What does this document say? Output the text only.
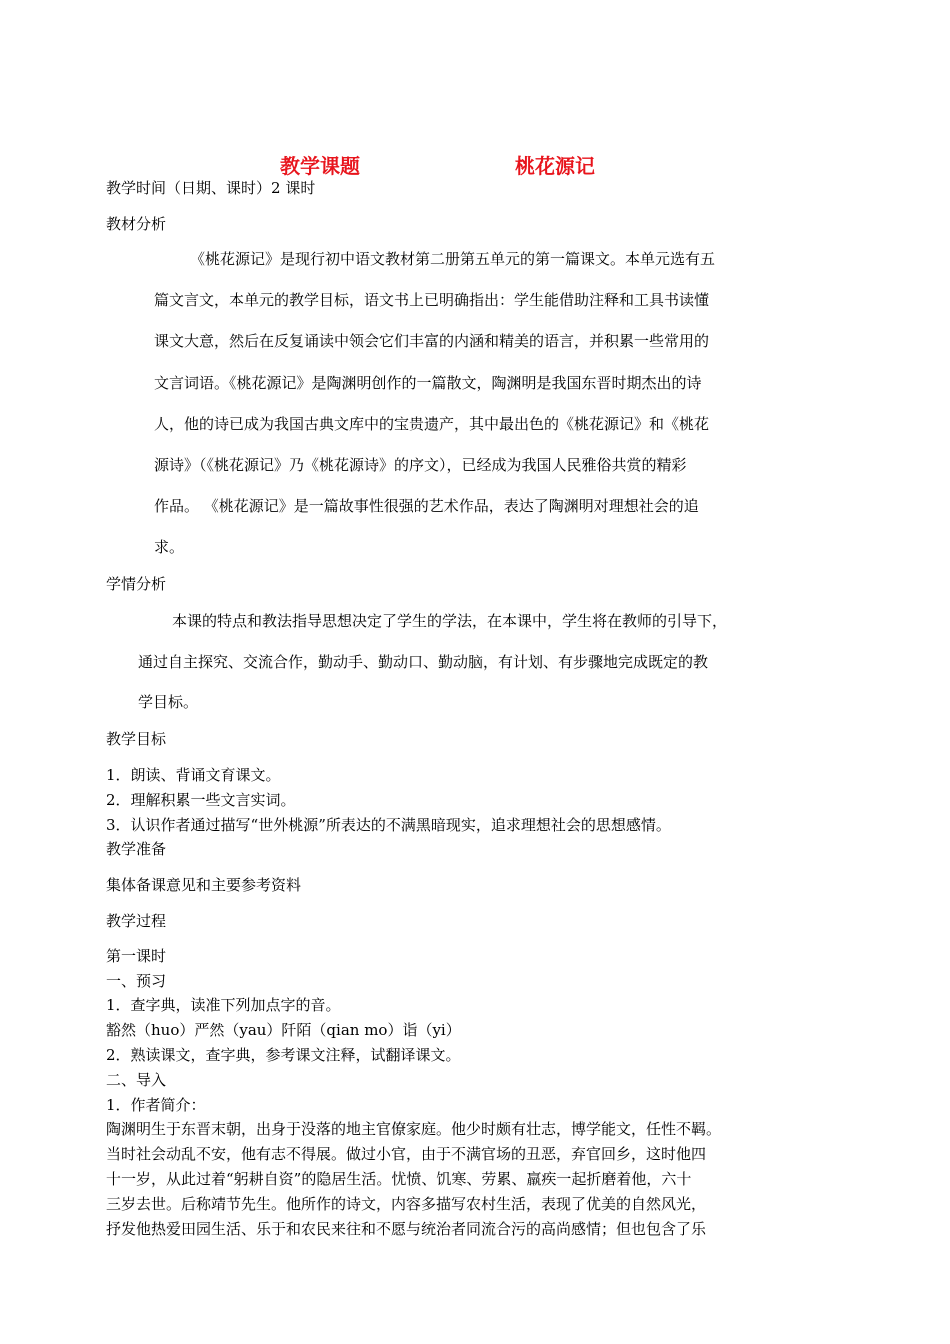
教学课题	桃花源记
教学时间（日期、课时）2 课时
教材分析
《桃花源记》是现行初中语文教材第二册第五单元的第一篇课文。本单元选有五
篇文言文，本单元的教学目标，语文书上已明确指出：学生能借助注释和工具书读懂
课文大意，然后在反复诵读中领会它们丰富的内涵和精美的语言，并积累一些常用的
文言词语。《桃花源记》是陶渊明创作的一篇散文，陶渊明是我国东晋时期杰出的诗
人，他的诗已成为我国古典文库中的宝贵遗产，其中最出色的《桃花源记》和《桃花
源诗》（《桃花源记》乃《桃花源诗》的序文），已经成为我国人民雅俗共赏的精彩
作品。 《桃花源记》是一篇故事性很强的艺术作品，表达了陶渊明对理想社会的追
求。
学情分析
本课的特点和教法指导思想决定了学生的学法，在本课中，学生将在教师的引导下，
通过自主探究、交流合作，勤动手、勤动口、勤动脑，有计划、有步骤地完成既定的教
学目标。
教学目标
1．朗读、背诵文育课文。
2．理解积累一些文言实词。
3．认识作者通过描写“世外桃源”所表达的不满黑暗现实，追求理想社会的思想感情。
教学准备
集体备课意见和主要参考资料
教学过程
第一课时
一、预习
1．查字典，读准下列加点字的音。
豁然（huo）严然（yau）阡陌（qian mo）诣（yi）
2．熟读课文，查字典，参考课文注释，试翻译课文。
二、导入
1．作者简介：
陶渊明生于东晋末朝，出身于没落的地主官僚家庭。他少时颇有壮志，博学能文，任性不羁。
当时社会动乱不安，他有志不得展。做过小官，由于不满官场的丑恶，弃官回乡，这时他四
十一岁，从此过着“躬耕自资”的隐居生活。忧愤、饥寒、劳累、羸疾一起折磨着他，六十
三岁去世。后称靖节先生。他所作的诗文，内容多描写农村生活，表现了优美的自然风光，
抒发他热爱田园生活、乐于和农民来往和不愿与统治者同流合污的高尚感情；但也包含了乐
